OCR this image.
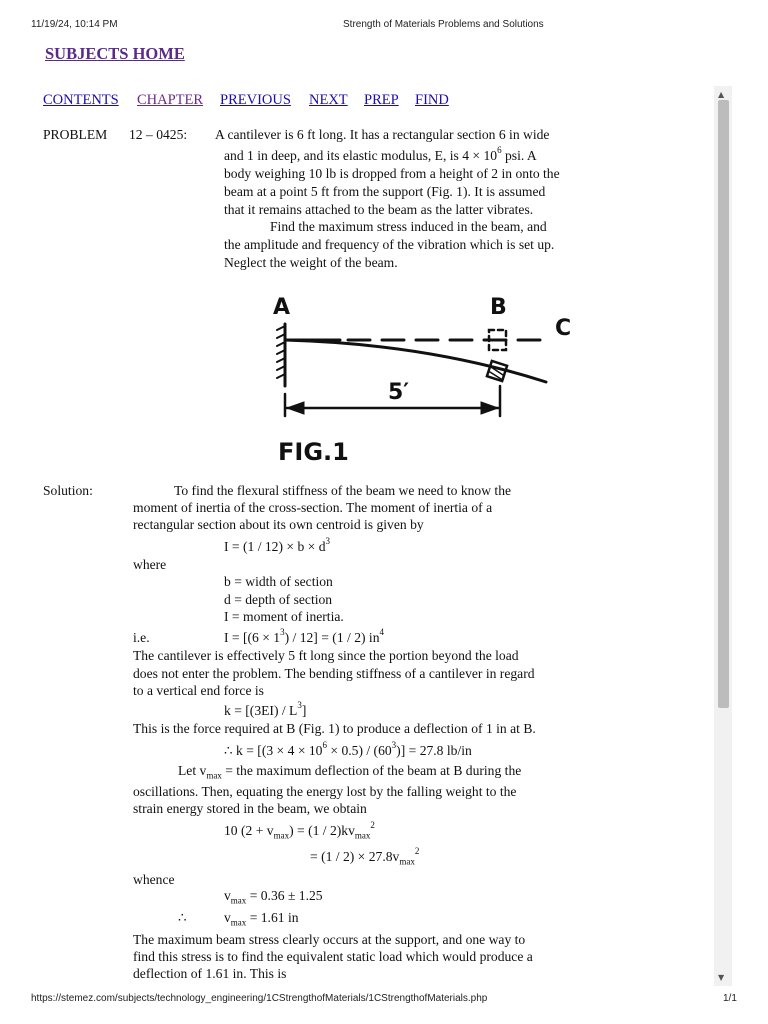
11/19/24, 10:14 PM	Strength of Materials Problems and Solutions
SUBJECTS HOME
CONTENTS CHAPTER PREVIOUS NEXT PREP FIND
PROBLEM 12 – 0425: A cantilever is 6 ft long. It has a rectangular section 6 in wide
and 1 in deep, and its elastic modulus, E, is $4 \times 10^6$ psi. A
body weighing 10 lb is dropped from a height of 2 in onto the
beam at a point 5 ft from the support (Fig. 1). It is assumed
that it remains attached to the beam as the latter vibrates.
Find the maximum stress induced in the beam, and
the amplitude and frequency of the vibration which is set up.
Neglect the weight of the beam.
A	B
C
5′
FIG.1
Solution:	To find the flexural stiffness of the beam we need to know the
moment of inertia of the cross-section. The moment of inertia of a
rectangular section about its own centroid is given by
$I = (1 / 12) \times b \times d^3$
where
b = width of section
d = depth of section
I = moment of inertia.
i.e.	$I = [(6 \times 1^3) / 12] = (1 / 2)$ $in^4$
The cantilever is effectively 5 ft long since the portion beyond the load
does not enter the problem. The bending stiffness of a cantilever in regard
to a vertical end force is
$k = [(3EI) / L^3]$
This is the force required at B (Fig. 1) to produce a deflection of 1 in at B.
∴ $k = [(3 \times 4 \times 10^6 \times 0.5) / (60^3)] = 27.8$ lb/in
Let $v_{max}$ = the maximum deflection of the beam at B during the
oscillations. Then, equating the energy lost by the falling weight to the
strain energy stored in the beam, we obtain
10 $(2 + v_{max}) = (1 / 2)kv_{max}^2$
= $(1 / 2) \times 27.8v_{max}^2$
whence
$v_{max} = 0.36 \pm 1.25$
∴	$v_{max} = 1.61$ in
The maximum beam stress clearly occurs at the support, and one way to
find this stress is to find the equivalent static load which would produce a
deflection of 1.61 in. This is
▲
▼
https://stemez.com/subjects/technology_engineering/1CStrengthofMaterials/1CStrengthofMaterials.php	1/1
